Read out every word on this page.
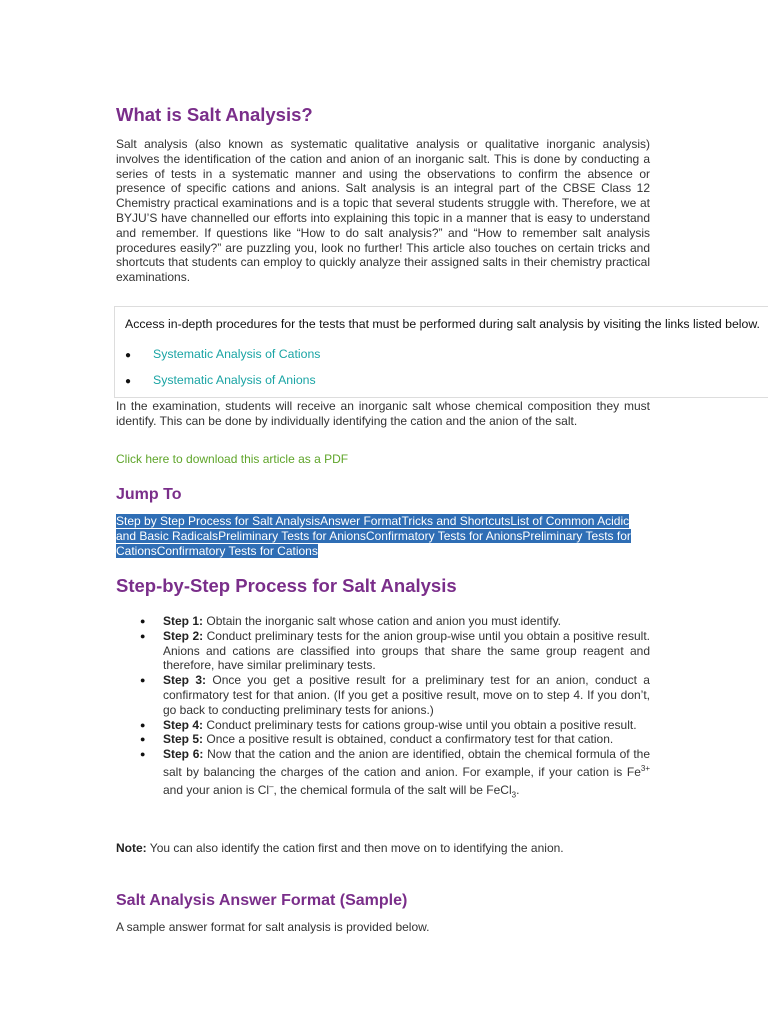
What is Salt Analysis?

Salt analysis (also known as systematic qualitative analysis or qualitative inorganic analysis) involves the identification of the cation and anion of an inorganic salt. This is done by conducting a series of tests in a systematic manner and using the observations to confirm the absence or presence of specific cations and anions. Salt analysis is an integral part of the CBSE Class 12 Chemistry practical examinations and is a topic that several students struggle with. Therefore, we at BYJU’S have channelled our efforts into explaining this topic in a manner that is easy to understand and remember. If questions like “How to do salt analysis?” and “How to remember salt analysis procedures easily?” are puzzling you, look no further! This article also touches on certain tricks and shortcuts that students can employ to quickly analyze their assigned salts in their chemistry practical examinations.

Access in-depth procedures for the tests that must be performed during salt analysis by visiting the links listed below.

● Systematic Analysis of Cations
● Systematic Analysis of Anions

In the examination, students will receive an inorganic salt whose chemical composition they must identify. This can be done by individually identifying the cation and the anion of the salt.

Click here to download this article as a PDF
Jump To

Step by Step Process for Salt AnalysisAnswer FormatTricks and ShortcutsList of Common Acidic and Basic RadicalsPreliminary Tests for AnionsConfirmatory Tests for AnionsPreliminary Tests for CationsConfirmatory Tests for Cations

Step-by-Step Process for Salt Analysis
● Step 1: Obtain the inorganic salt whose cation and anion you must identify.
● Step 2: Conduct preliminary tests for the anion group-wise until you obtain a positive result. Anions and cations are classified into groups that share the same group reagent and therefore, have similar preliminary tests.
● Step 3: Once you get a positive result for a preliminary test for an anion, conduct a confirmatory test for that anion. (If you get a positive result, move on to step 4. If you don’t, go back to conducting preliminary tests for anions.)
● Step 4: Conduct preliminary tests for cations group-wise until you obtain a positive result.
● Step 5: Once a positive result is obtained, conduct a confirmatory test for that cation.
● Step 6: Now that the cation and the anion are identified, obtain the chemical formula of the salt by balancing the charges of the cation and anion. For example, if your cation is $Fe^{3+}$ and your anion is Cl–, the chemical formula of the salt will be FeCl$_3$.
Note: You can also identify the cation first and then move on to identifying the anion.
Salt Analysis Answer Format (Sample)
A sample answer format for salt analysis is provided below.
